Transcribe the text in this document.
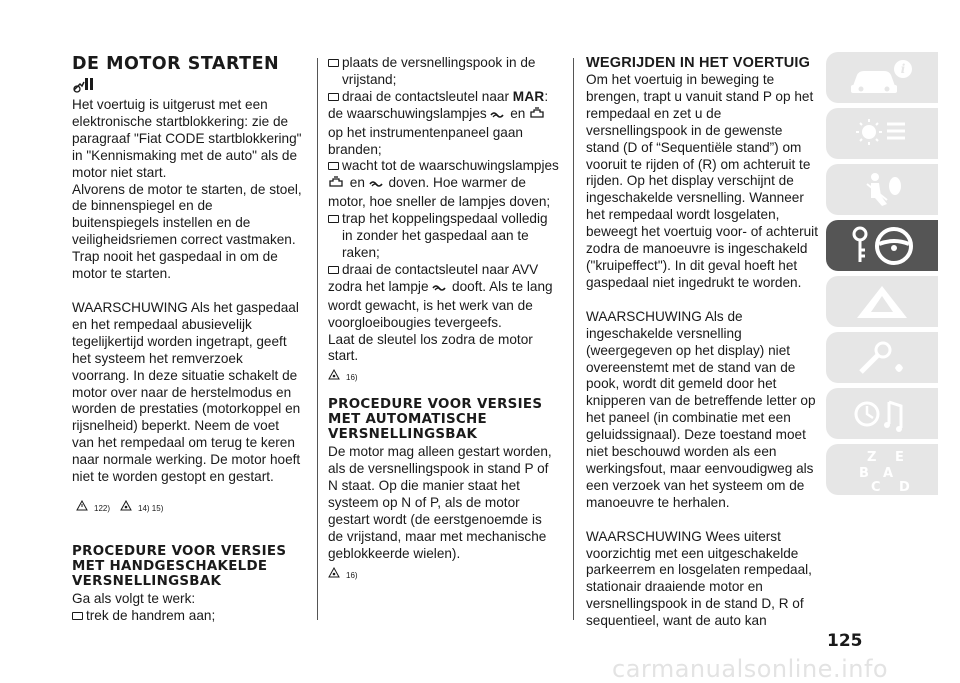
DE MOTOR STARTEN

Het voertuig is uitgerust met een elektronische startblokkering: zie de paragraaf "Fiat CODE startblokkering" in "Kennismaking met de auto" als de motor niet start.

Alvorens de motor te starten, de stoel, de binnenspiegel en de buitenspiegels instellen en de veiligheidsriemen correct vastmaken. Trap nooit het gaspedaal in om de motor te starten.

WAARSCHUWING Als het gaspedaal en het rempedaal abusievelijk tegelijkertijd worden ingetrapt, geeft het systeem het remverzoek voorrang. In deze situatie schakelt de motor over naar de herstelmodus en worden de prestaties (motorkoppel en rijsnelheid) beperkt. Neem de voet van het rempedaal om terug te keren naar normale werking. De motor hoeft niet te worden gestopt en gestart.

122)	14) 15)
PROCEDURE VOOR VERSIES MET HANDGESCHAKELDE VERSNELLINGSBAK

Ga als volgt te werk:

trek de handrem aan;
plaats de versnellingspook in de vrijstand;
draai de contactsleutel naar MAR:

de waarschuwingslampjes  en
op het instrumentenpaneel gaan branden;

wacht tot de waarschuwingslampjes

en  doven. Hoe warmer de motor, hoe sneller de lampjes doven;

trap het koppelingspedaal volledig in zonder het gaspedaal aan te raken;
draai de contactsleutel naar AVV

zodra het lampje  dooft. Als te lang wordt gewacht, is het werk van de voorgloeibougies tevergeefs.

Laat de sleutel los zodra de motor start.

16)
PROCEDURE VOOR VERSIES MET AUTOMATISCHE VERSNELLINGSBAK

De motor mag alleen gestart worden, als de versnellingspook in stand P of N staat. Op die manier staat het systeem op N of P, als de motor gestart wordt (de eerstgenoemde is de vrijstand, maar met mechanische geblokkeerde wielen).

16)
WEGRIJDEN IN HET VOERTUIG

Om het voertuig in beweging te brengen, trapt u vanuit stand P op het rempedaal en zet u de versnellingspook in de gewenste stand (D of “Sequentiële stand”) om vooruit te rijden of (R) om achteruit te rijden. Op het display verschijnt de ingeschakelde versnelling. Wanneer het rempedaal wordt losgelaten, beweegt het voertuig voor- of achteruit zodra de manoeuvre is ingeschakeld ("kruipeffect"). In dit geval hoeft het gaspedaal niet ingedrukt te worden.

WAARSCHUWING Als de ingeschakelde versnelling (weergegeven op het display) niet overeenstemt met de stand van de pook, wordt dit gemeld door het knipperen van de betreffende letter op het paneel (in combinatie met een geluidssignaal). Deze toestand moet niet beschouwd worden als een werkingsfout, maar eenvoudigweg als een verzoek van het systeem om de manoeuvre te herhalen.

WAARSCHUWING Wees uiterst voorzichtig met een uitgeschakelde parkeerrem en losgelaten rempedaal, stationair draaiende motor en versnellingspook in de stand D, R of sequentieel, want de auto kan

i
Z E
B A
C D
125
carmanualsonline.info
